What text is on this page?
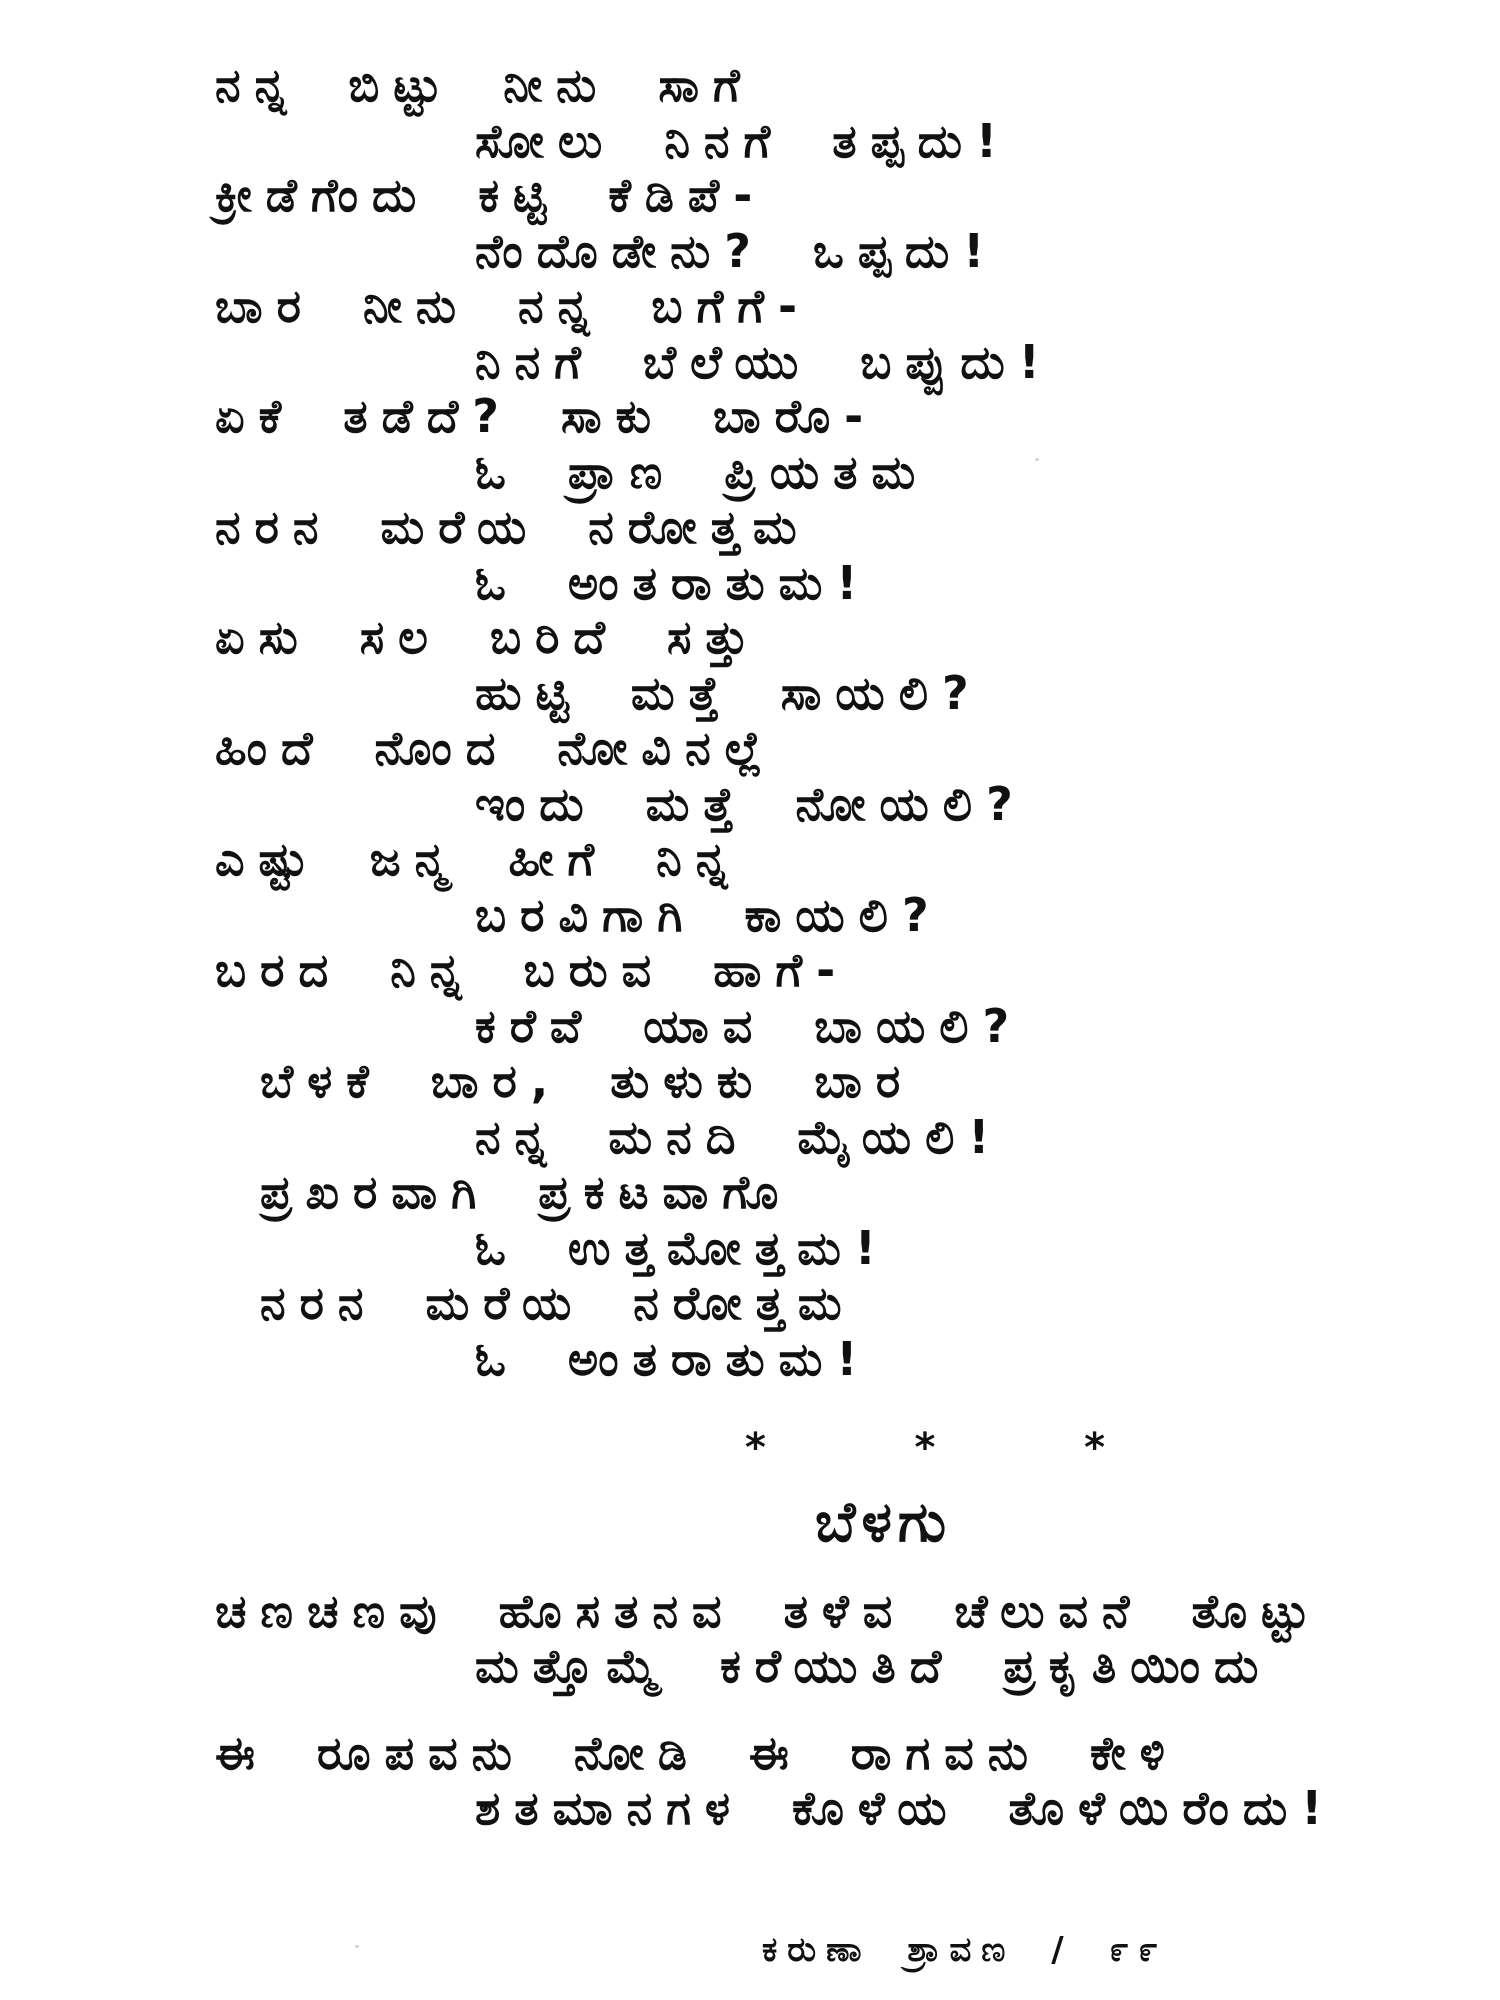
ನನ್ನ ಬಿಟ್ಟು ನೀನು ಸಾಗೆ
ಸೋಲು ನಿನಗೆ ತಪ್ಪದು!
ಕ್ರೀಡೆಗೆಂದು ಕಟ್ಟಿ ಕೆಡಿಪೆ-
ನೆಂದೊಡೇನು? ಒಪ್ಪದು!
ಬಾರ ನೀನು ನನ್ನ ಬಗೆಗೆ-
ನಿನಗೆ ಬೆಲೆಯು ಬಪ್ಪುದು!
ಏಕೆ ತಡೆದೆ? ಸಾಕು ಬಾರೊ-
ಓ ಪ್ರಾಣ ಪ್ರಿಯತಮ
ನರನ ಮರೆಯ ನರೋತ್ತಮ
ಓ ಅಂತರಾತುಮ!
ಏಸು ಸಲ ಬರಿದೆ ಸತ್ತು
ಹುಟ್ಟಿ ಮತ್ತೆ ಸಾಯಲಿ?
ಹಿಂದೆ ನೊಂದ ನೋವಿನಲ್ಲೆ
ಇಂದು ಮತ್ತೆ ನೋಯಲಿ?
ಎಷ್ಟು ಜನ್ಮ ಹೀಗೆ ನಿನ್ನ
ಬರವಿಗಾಗಿ ಕಾಯಲಿ?
ಬರದ ನಿನ್ನ ಬರುವ ಹಾಗೆ-
ಕರೆವೆ ಯಾವ ಬಾಯಲಿ?
ಬೆಳಕೆ ಬಾರ, ತುಳುಕು ಬಾರ
ನನ್ನ ಮನದಿ ಮೈಯಲಿ!
ಪ್ರಖರವಾಗಿ ಪ್ರಕಟವಾಗೊ
ಓ ಉತ್ತಮೋತ್ತಮ!
ನರನ ಮರೆಯ ನರೋತ್ತಮ
ಓ ಅಂತರಾತುಮ!
*	*	*
ಬೆಳಗು
ಚಣಚಣವು ಹೊಸತನವ ತಳೆವ ಚೆಲುವನೆ ತೊಟ್ಟು
ಮತ್ತೊಮ್ಮೆ ಕರೆಯುತಿದೆ ಪ್ರಕೃತಿಯಿಂದು
ಈ ರೂಪವನು ನೋಡಿ ಈ ರಾಗವನು ಕೇಳಿ
ಶತಮಾನಗಳ ಕೊಳೆಯ ತೊಳೆಯಿರೆಂದು!
ಕರುಣಾ ಶ್ರಾವಣ / ೯೯
